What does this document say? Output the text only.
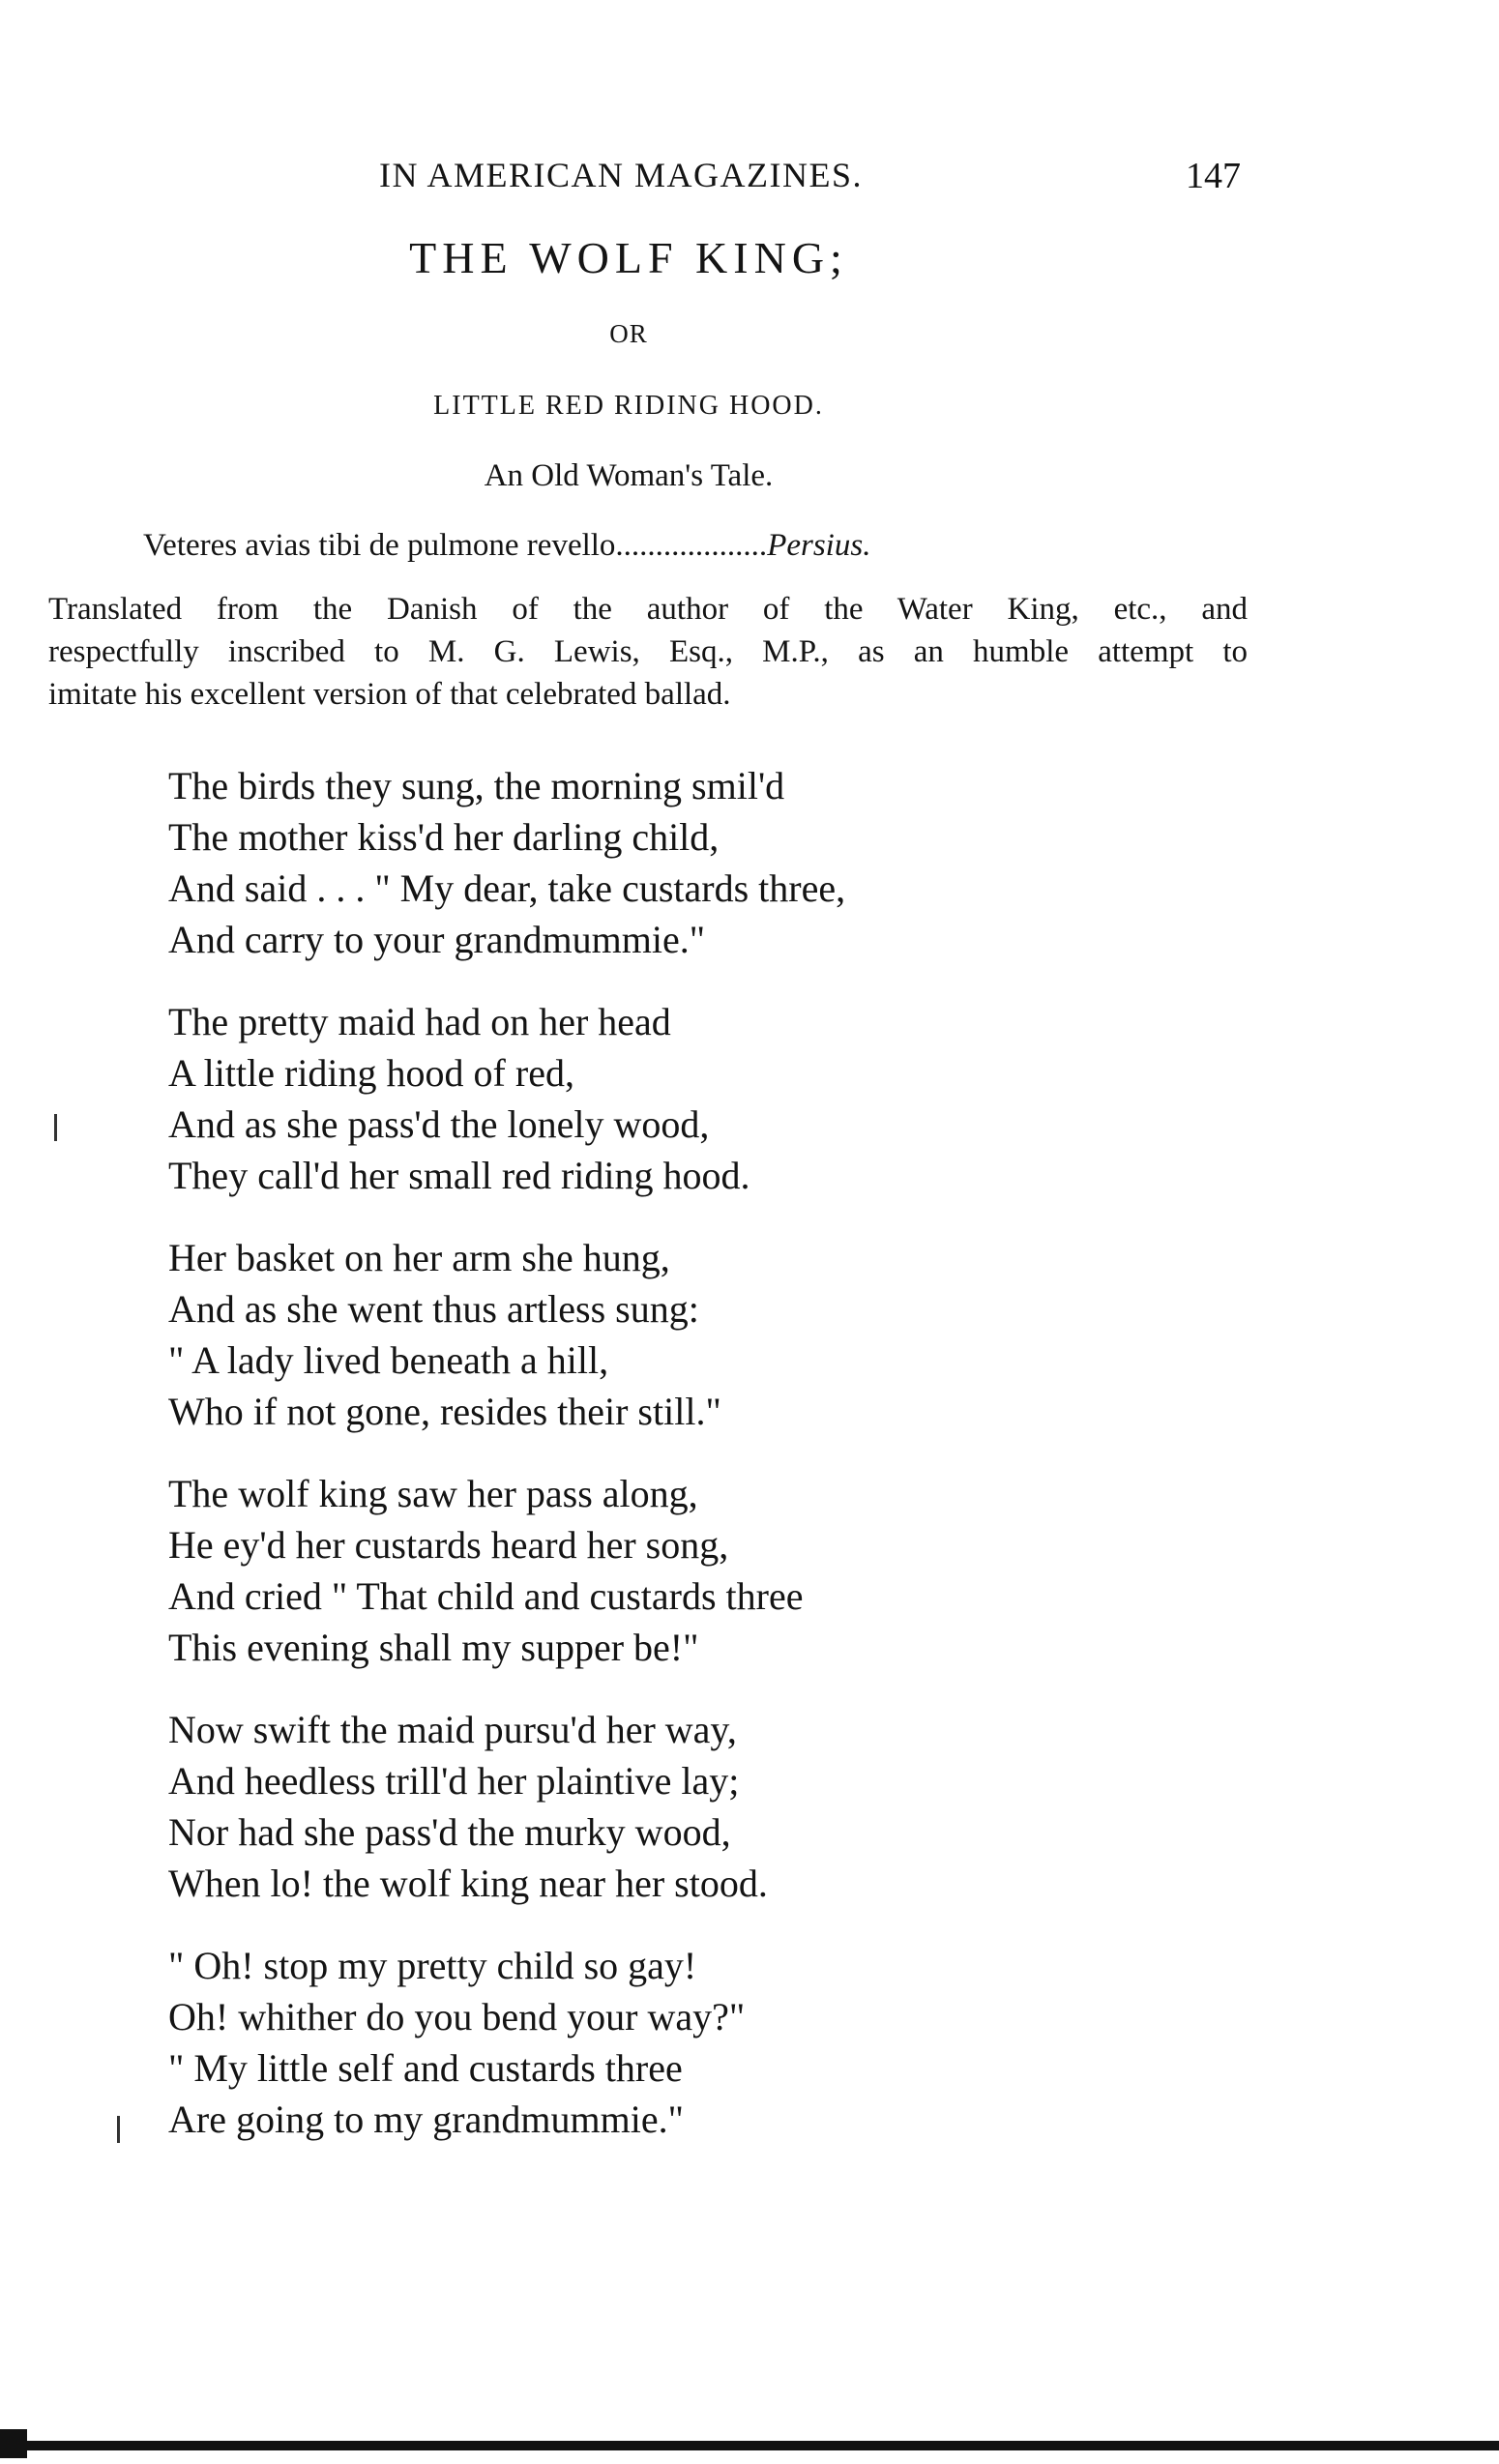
IN AMERICAN MAGAZINES.	147
THE WOLF KING;
OR
LITTLE RED RIDING HOOD.
An Old Woman's Tale.
Veteres avias tibi de pulmone revello...................Persius.
Translated from the Danish of the author of the Water King, etc., and
respectfully inscribed to M. G. Lewis, Esq., M.P., as an humble attempt to
imitate his excellent version of that celebrated ballad.
The birds they sung, the morning smil'd
The mother kiss'd her darling child,
And said . . . " My dear, take custards three,
And carry to your grandmummie."
The pretty maid had on her head
A little riding hood of red,
And as she pass'd the lonely wood,
They call'd her small red riding hood.
Her basket on her arm she hung,
And as she went thus artless sung:
" A lady lived beneath a hill,
Who if not gone, resides their still."
The wolf king saw her pass along,
He ey'd her custards heard her song,
And cried " That child and custards three
This evening shall my supper be!"
Now swift the maid pursu'd her way,
And heedless trill'd her plaintive lay;
Nor had she pass'd the murky wood,
When lo! the wolf king near her stood.
" Oh! stop my pretty child so gay!
Oh! whither do you bend your way?"
" My little self and custards three
Are going to my grandmummie."
